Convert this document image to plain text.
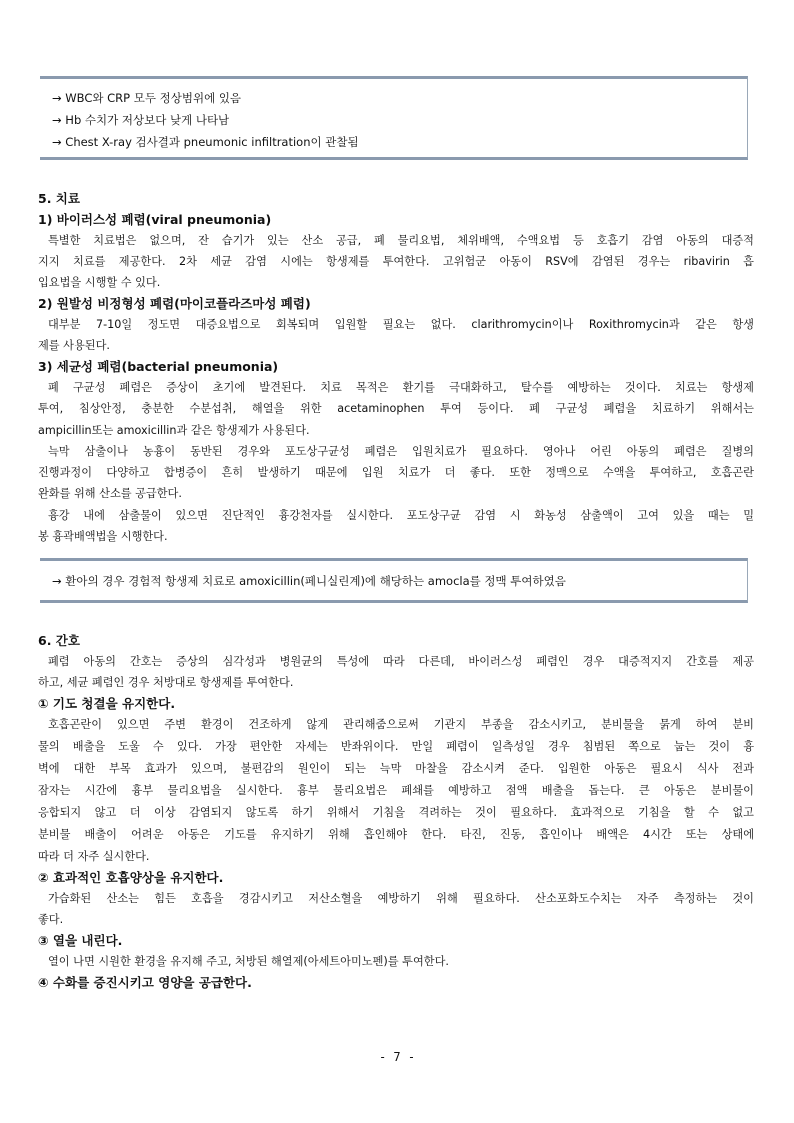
→ WBC와 CRP 모두 정상범위에 있음
→ Hb 수치가 저상보다 낮게 나타남
→ Chest X-ray 검사결과 pneumonic infiltration이 관찰됨
5. 치료
1) 바이러스성 폐렴(viral pneumonia)
특별한 치료법은 없으며, 잔 습기가 있는 산소 공급, 폐 물리요법, 체위배액, 수액요법 등 호흡기 감염 아동의 대증적
지지 치료를 제공한다. 2차 세균 감염 시에는 항생제를 투여한다. 고위험군 아동이 RSV에 감염된 경우는 ribavirin 흡
입요법을 시행할 수 있다.
2) 원발성 비정형성 폐렴(마이코플라즈마성 폐렴)
대부분 7-10일 정도면 대증요법으로 회복되며 입원할 필요는 없다. clarithromycin이나 Roxithromycin과 같은 항생
제를 사용된다.
3) 세균성 폐렴(bacterial pneumonia)
폐 구균성 폐렴은 증상이 초기에 발견된다. 치료 목적은 환기를 극대화하고, 탈수를 예방하는 것이다. 치료는 항생제
투여, 침상안정, 충분한 수분섭취, 해열을 위한 acetaminophen 투여 등이다. 폐 구균성 폐렴을 치료하기 위해서는
ampicillin또는 amoxicillin과 같은 항생제가 사용된다.
늑막 삼출이나 농흉이 동반된 경우와 포도상구균성 폐렴은 입원치료가 필요하다. 영아나 어린 아동의 폐렴은 질병의
진행과정이 다양하고 합병증이 흔히 발생하기 때문에 입원 치료가 더 좋다. 또한 정맥으로 수액을 투여하고, 호흡곤란
완화를 위해 산소를 공급한다.
흉강 내에 삼출물이 있으면 진단적인 흉강천자를 실시한다. 포도상구균 감염 시 화농성 삼출액이 고여 있을 때는 밀
봉 흉곽배액법을 시행한다.
→ 환아의 경우 경험적 항생제 치료로 amoxicillin(페니실린계)에 해당하는 amocla를 정맥 투여하였음
6. 간호
폐렴 아동의 간호는 증상의 심각성과 병원균의 특성에 따라 다른데, 바이러스성 폐렴인 경우 대증적지지 간호를 제공
하고, 세균 폐렴인 경우 처방대로 항생제를 투여한다.
① 기도 청결을 유지한다.
호흡곤란이 있으면 주변 환경이 건조하게 않게 관리해줌으로써 기관지 부종을 감소시키고, 분비물을 묽게 하여 분비
물의 배출을 도울 수 있다. 가장 편안한 자세는 반좌위이다. 만일 폐렴이 일측성일 경우 침범된 쪽으로 눕는 것이 흉
벽에 대한 부목 효과가 있으며, 불편감의 원인이 되는 늑막 마찰을 감소시켜 준다. 입원한 아동은 필요시 식사 전과
잠자는 시간에 흉부 물리요법을 실시한다. 흉부 물리요법은 폐쇄를 예방하고 점액 배출을 돕는다. 큰 아동은 분비물이
응합되지 않고 더 이상 감염되지 않도록 하기 위해서 기침을 격려하는 것이 필요하다. 효과적으로 기침을 할 수 없고
분비물 배출이 어려운 아동은 기도를 유지하기 위해 흡인해야 한다. 타진, 진동, 흡인이나 배액은 4시간 또는 상태에
따라 더 자주 실시한다.
② 효과적인 호흡양상을 유지한다.
가습화된 산소는 힘든 호흡을 경감시키고 저산소혈을 예방하기 위해 필요하다. 산소포화도수치는 자주 측정하는 것이
좋다.
③ 열을 내린다.
열이 나면 시원한 환경을 유지해 주고, 처방된 해열제(아세트아미노펜)를 투여한다.
④ 수화를 증진시키고 영양을 공급한다.
- 7 -
